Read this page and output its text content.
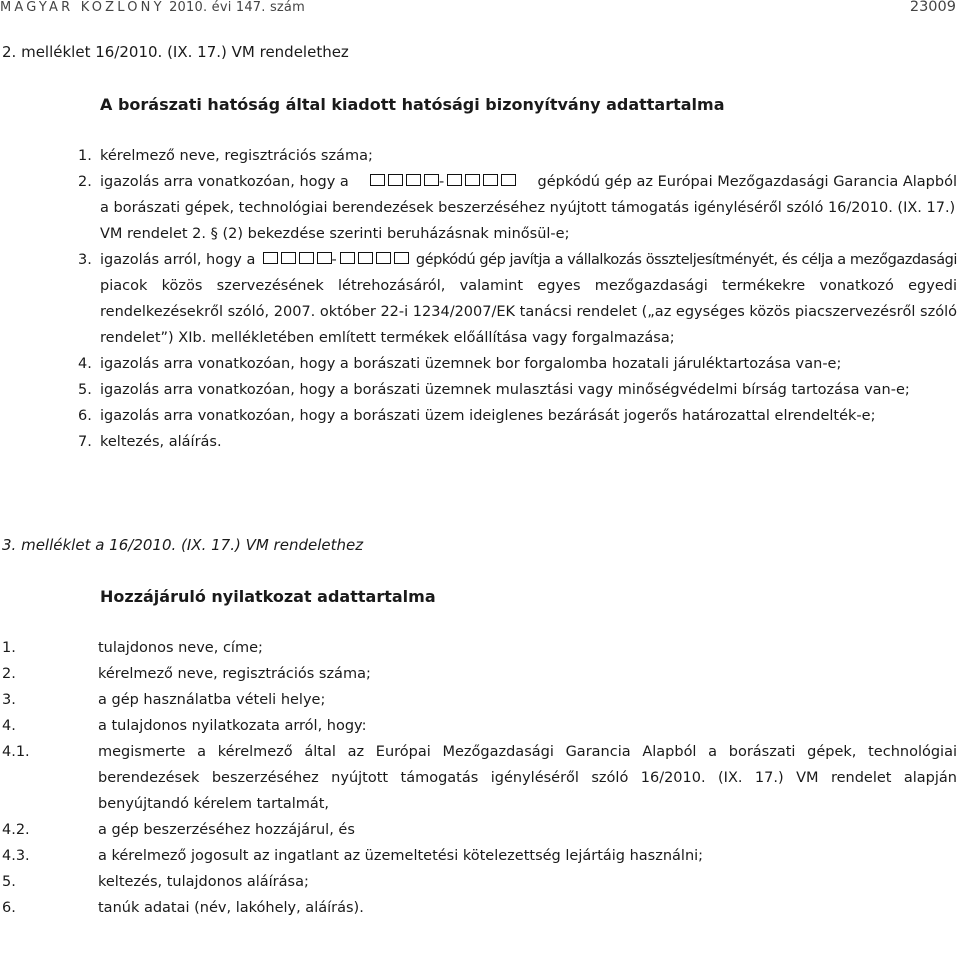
MAGYAR KÖZLÖNY 2010. évi 147. szám	23009
2. melléklet 16/2010. (IX. 17.) VM rendelethez
A borászati hatóság által kiadott hatósági bizonyítvány adattartalma
1. kérelmező neve, regisztrációs száma;
2. igazolás arra vonatkozóan, hogy a	-	gépkódú gép az Európai Mezőgazdasági Garancia Alapból
a borászati gépek, technológiai berendezések beszerzéséhez nyújtott támogatás igényléséről szóló 16/2010. (IX. 17.)
VM rendelet 2. § (2) bekezdése szerinti beruházásnak minősül-e;
3. igazolás arról, hogy a	-	gépkódú gép javítja a vállalkozás összteljesítményét, és célja a mezőgazdasági
piacok közös szervezésének létrehozásáról, valamint egyes mezőgazdasági termékekre vonatkozó egyedi
rendelkezésekről szóló, 2007. október 22-i 1234/2007/EK tanácsi rendelet („az egységes közös piacszervezésről szóló
rendelet”) XIb. mellékletében említett termékek előállítása vagy forgalmazása;
4. igazolás arra vonatkozóan, hogy a borászati üzemnek bor forgalomba hozatali járuléktartozása van-e;
5. igazolás arra vonatkozóan, hogy a borászati üzemnek mulasztási vagy minőségvédelmi bírság tartozása van-e;
6. igazolás arra vonatkozóan, hogy a borászati üzem ideiglenes bezárását jogerős határozattal elrendelték-e;
7. keltezés, aláírás.
3. melléklet a 16/2010. (IX. 17.) VM rendelethez
Hozzájáruló nyilatkozat adattartalma
1.	tulajdonos neve, címe;
2.	kérelmező neve, regisztrációs száma;
3.	a gép használatba vételi helye;
4.	a tulajdonos nyilatkozata arról, hogy:
4.1.	megismerte a kérelmező által az Európai Mezőgazdasági Garancia Alapból a borászati gépek, technológiai
berendezések beszerzéséhez nyújtott támogatás igényléséről szóló 16/2010. (IX. 17.) VM rendelet alapján
benyújtandó kérelem tartalmát,
4.2.	a gép beszerzéséhez hozzájárul, és
4.3.	a kérelmező jogosult az ingatlant az üzemeltetési kötelezettség lejártáig használni;
5.	keltezés, tulajdonos aláírása;
6.	tanúk adatai (név, lakóhely, aláírás).
